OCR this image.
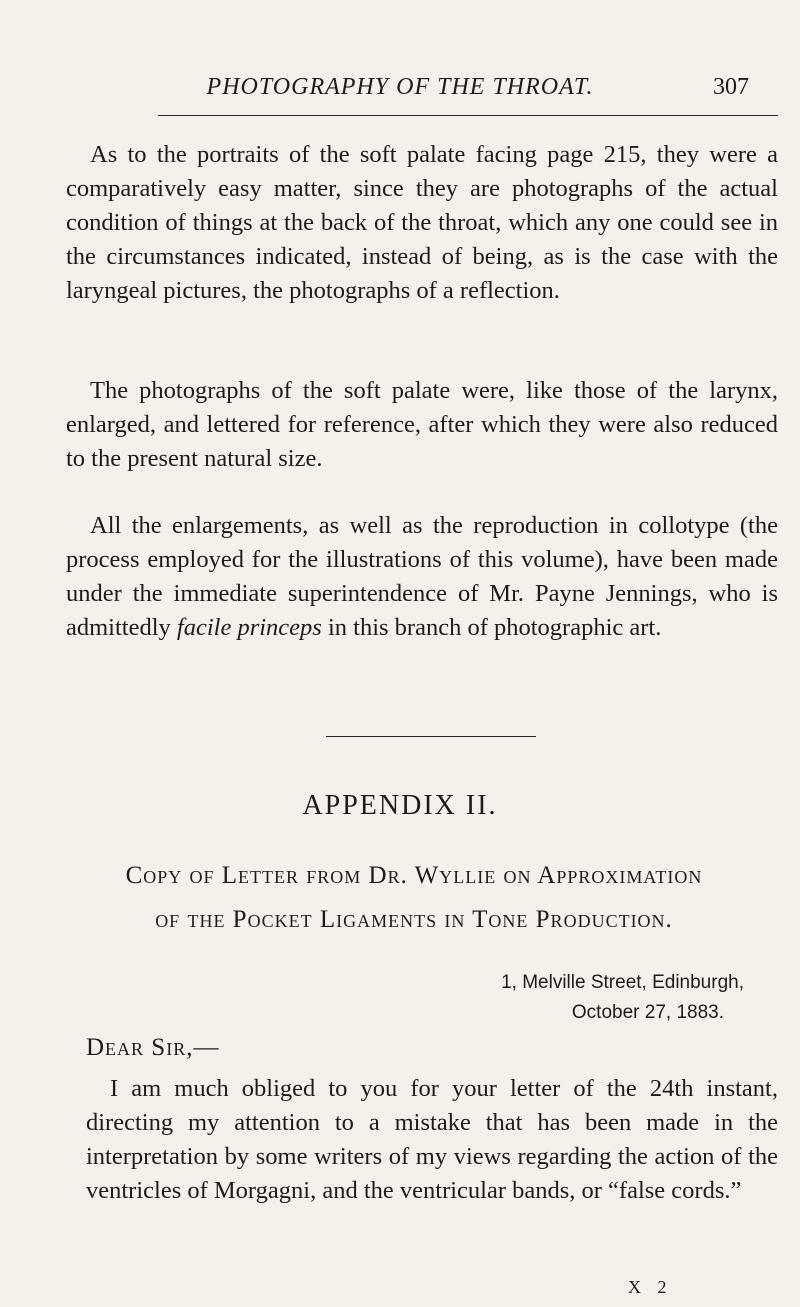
PHOTOGRAPHY OF THE THROAT.	307

As to the portraits of the soft palate facing page 215, they were a comparatively easy matter, since they are photographs of the actual condition of things at the back of the throat, which any one could see in the circumstances indicated, instead of being, as is the case with the laryngeal pictures, the photographs of a reflection.

The photographs of the soft palate were, like those of the larynx, enlarged, and lettered for reference, after which they were also reduced to the present natural size.

All the enlargements, as well as the reproduction in collotype (the process employed for the illustrations of this volume), have been made under the immediate superintendence of Mr. Payne Jennings, who is admittedly facile princeps in this branch of photographic art.

APPENDIX II.

Copy of Letter from Dr. Wyllie on Approximation

of the Pocket Ligaments in Tone Production.

1, Melville Street, Edinburgh,
October 27, 1883.
Dear Sir,—

I am much obliged to you for your letter of the 24th instant, directing my attention to a mistake that has been made in the interpretation by some writers of my views regarding the action of the ventricles of Morgagni, and the ventricular bands, or “false cords.”

X 2
